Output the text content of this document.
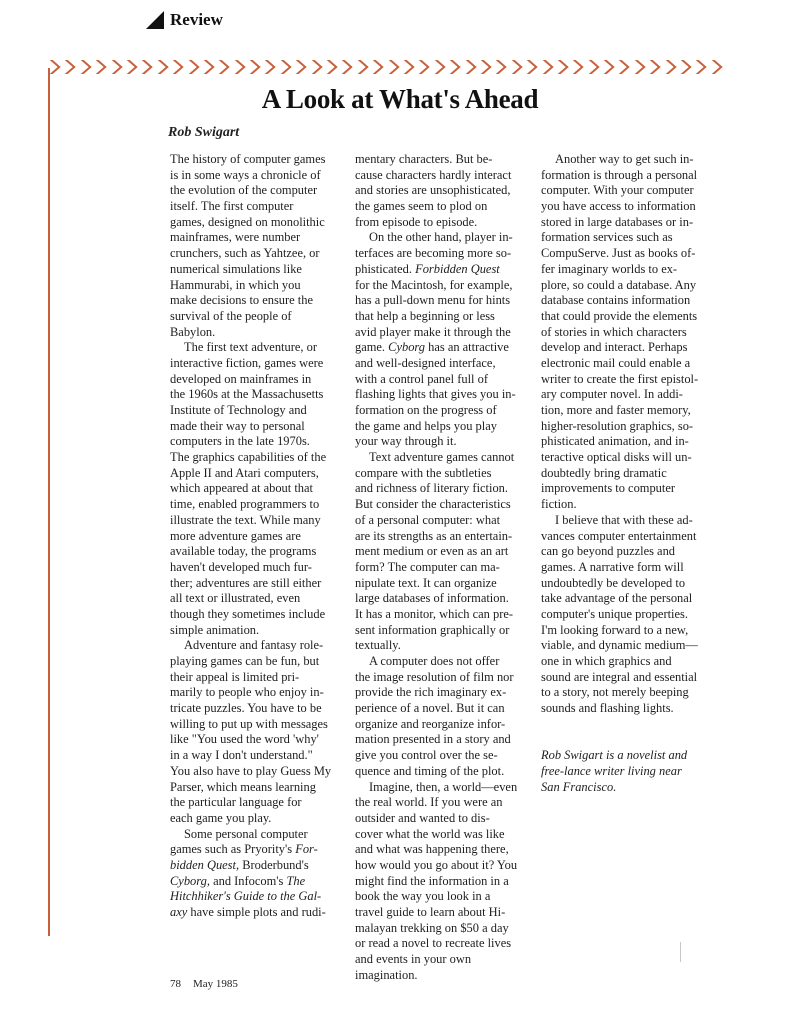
Review
A Look at What's Ahead
Rob Swigart
The history of computer games
is in some ways a chronicle of
the evolution of the computer
itself. The first computer
games, designed on monolithic
mainframes, were number
crunchers, such as Yahtzee, or
numerical simulations like
Hammurabi, in which you
make decisions to ensure the
survival of the people of
Babylon.
The first text adventure, or
interactive fiction, games were
developed on mainframes in
the 1960s at the Massachusetts
Institute of Technology and
made their way to personal
computers in the late 1970s.
The graphics capabilities of the
Apple II and Atari computers,
which appeared at about that
time, enabled programmers to
illustrate the text. While many
more adventure games are
available today, the programs
haven't developed much fur-
ther; adventures are still either
all text or illustrated, even
though they sometimes include
simple animation.
Adventure and fantasy role-
playing games can be fun, but
their appeal is limited pri-
marily to people who enjoy in-
tricate puzzles. You have to be
willing to put up with messages
like "You used the word 'why'
in a way I don't understand."
You also have to play Guess My
Parser, which means learning
the particular language for
each game you play.
Some personal computer
games such as Pryority's For-
bidden Quest, Broderbund's
Cyborg, and Infocom's The
Hitchhiker's Guide to the Gal-
axy have simple plots and rudi-
mentary characters. But be-
cause characters hardly interact
and stories are unsophisticated,
the games seem to plod on
from episode to episode.
On the other hand, player in-
terfaces are becoming more so-
phisticated. Forbidden Quest
for the Macintosh, for example,
has a pull-down menu for hints
that help a beginning or less
avid player make it through the
game. Cyborg has an attractive
and well-designed interface,
with a control panel full of
flashing lights that gives you in-
formation on the progress of
the game and helps you play
your way through it.
Text adventure games cannot
compare with the subtleties
and richness of literary fiction.
But consider the characteristics
of a personal computer: what
are its strengths as an entertain-
ment medium or even as an art
form? The computer can ma-
nipulate text. It can organize
large databases of information.
It has a monitor, which can pre-
sent information graphically or
textually.
A computer does not offer
the image resolution of film nor
provide the rich imaginary ex-
perience of a novel. But it can
organize and reorganize infor-
mation presented in a story and
give you control over the se-
quence and timing of the plot.
Imagine, then, a world—even
the real world. If you were an
outsider and wanted to dis-
cover what the world was like
and what was happening there,
how would you go about it? You
might find the information in a
book the way you look in a
travel guide to learn about Hi-
malayan trekking on $50 a day
or read a novel to recreate lives
and events in your own
imagination.
Another way to get such in-
formation is through a personal
computer. With your computer
you have access to information
stored in large databases or in-
formation services such as
CompuServe. Just as books of-
fer imaginary worlds to ex-
plore, so could a database. Any
database contains information
that could provide the elements
of stories in which characters
develop and interact. Perhaps
electronic mail could enable a
writer to create the first epistol-
ary computer novel. In addi-
tion, more and faster memory,
higher-resolution graphics, so-
phisticated animation, and in-
teractive optical disks will un-
doubtedly bring dramatic
improvements to computer
fiction.
I believe that with these ad-
vances computer entertainment
can go beyond puzzles and
games. A narrative form will
undoubtedly be developed to
take advantage of the personal
computer's unique properties.
I'm looking forward to a new,
viable, and dynamic medium—
one in which graphics and
sound are integral and essential
to a story, not merely beeping
sounds and flashing lights.
Rob Swigart is a novelist and
free-lance writer living near
San Francisco.
78 May 1985
